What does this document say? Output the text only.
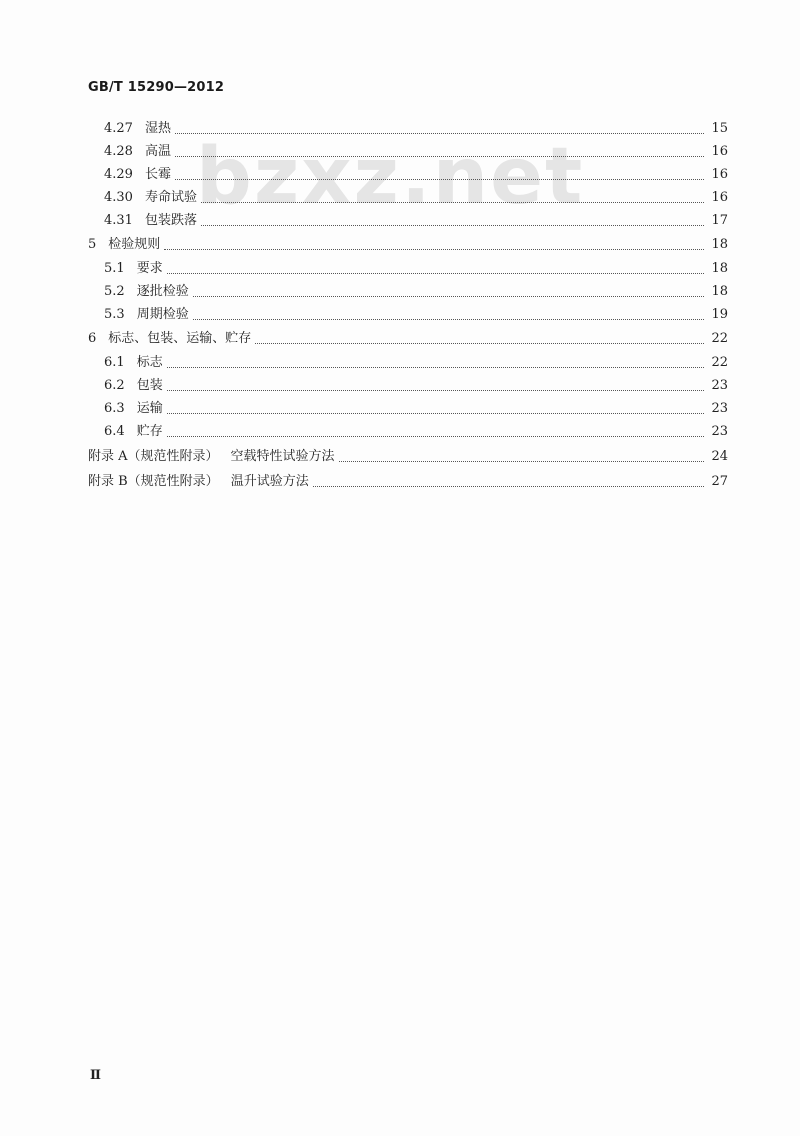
GB/T 15290—2012
bzxz.net
4.27 湿热	15
4.28 高温	16
4.29 长霉	16
4.30 寿命试验	16
4.31 包装跌落	17
5 检验规则	18
5.1 要求	18
5.2 逐批检验	18
5.3 周期检验	19
6 标志、包装、运输、贮存	22
6.1 标志	22
6.2 包装	23
6.3 运输	23
6.4 贮存	23
附录 A（规范性附录） 空载特性试验方法	24
附录 B（规范性附录） 温升试验方法	27
Ⅱ
